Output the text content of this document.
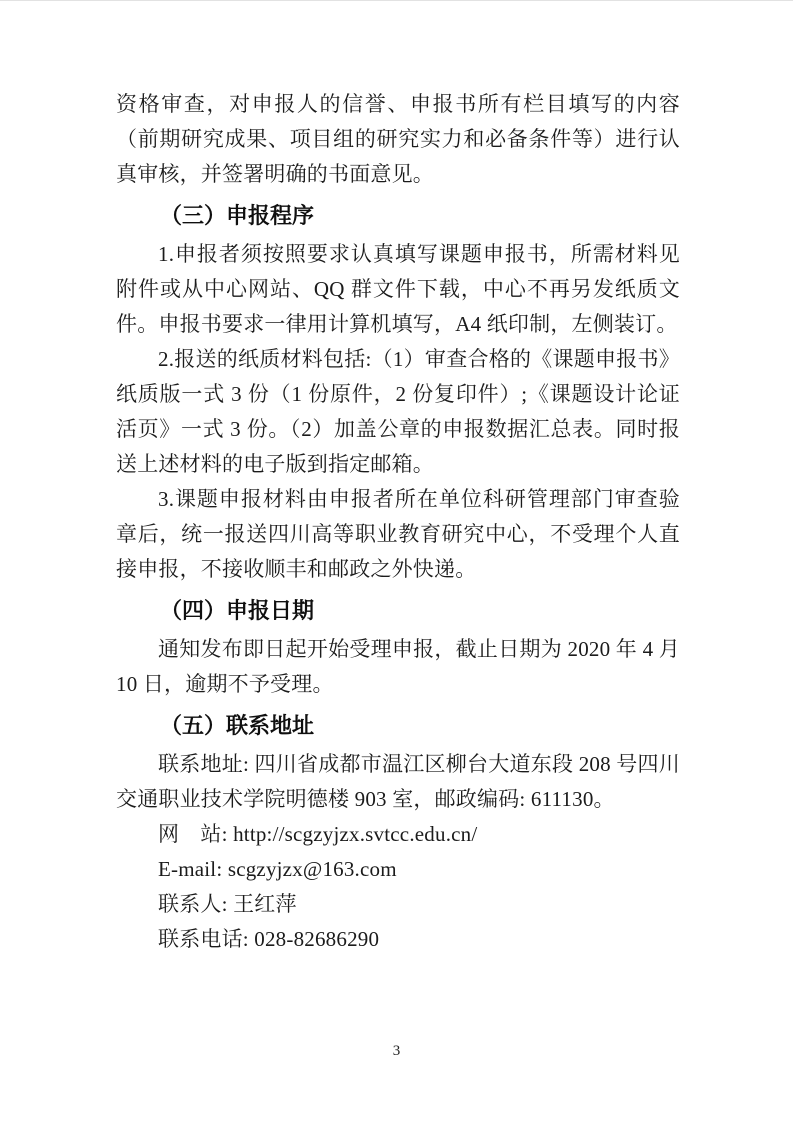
资格审查，对申报人的信誉、申报书所有栏目填写的内容（前期研究成果、项目组的研究实力和必备条件等）进行认真审核，并签署明确的书面意见。

（三）申报程序

1.申报者须按照要求认真填写课题申报书，所需材料见附件或从中心网站、QQ 群文件下载，中心不再另发纸质文件。申报书要求一律用计算机填写，A4 纸印制，左侧装订。

2.报送的纸质材料包括:（1）审查合格的《课题申报书》纸质版一式 3 份（1 份原件，2 份复印件）;《课题设计论证活页》一式 3 份。（2）加盖公章的申报数据汇总表。同时报送上述材料的电子版到指定邮箱。

3.课题申报材料由申报者所在单位科研管理部门审查验章后，统一报送四川高等职业教育研究中心，不受理个人直接申报，不接收顺丰和邮政之外快递。

（四）申报日期

通知发布即日起开始受理申报，截止日期为 2020 年 4 月 10 日，逾期不予受理。

（五）联系地址

联系地址: 四川省成都市温江区柳台大道东段 208 号四川交通职业技术学院明德楼 903 室，邮政编码: 611130。

网　站: http://scgzyjzx.svtcc.edu.cn/

E-mail: scgzyjzx@163.com

联系人: 王红萍

联系电话: 028-82686290

3
